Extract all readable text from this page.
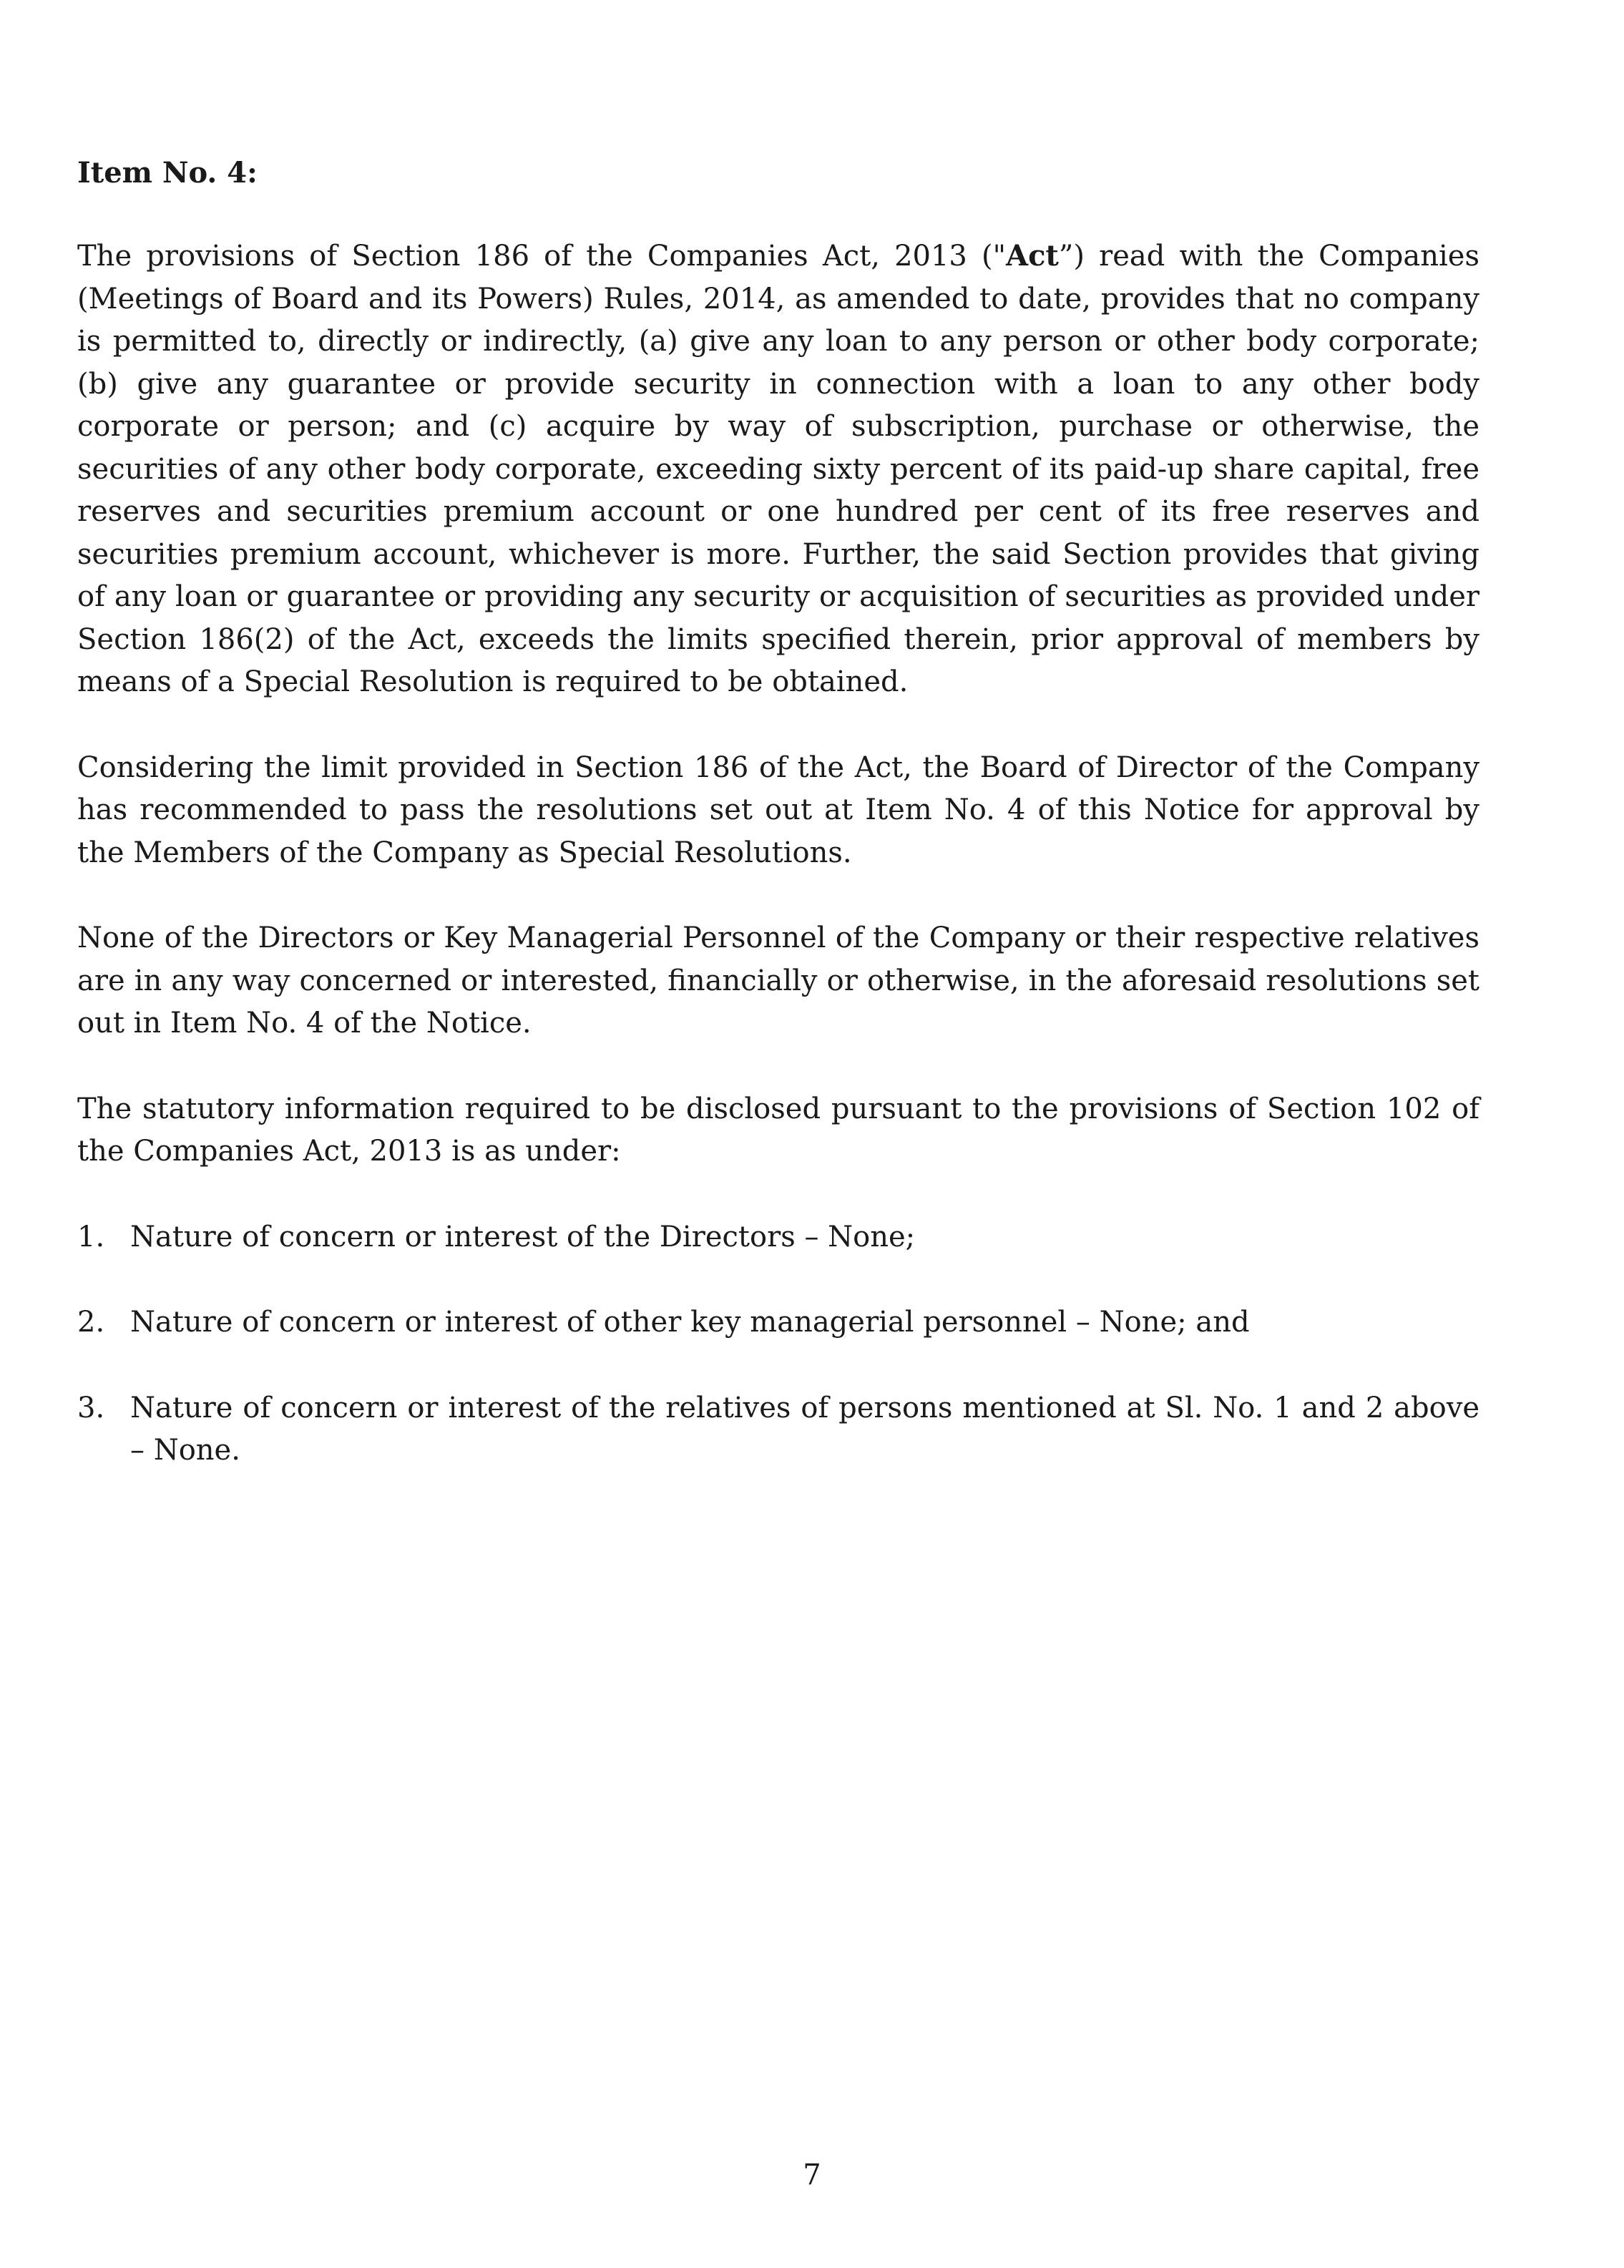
Item No. 4:

The provisions of Section 186 of the Companies Act, 2013 ("Act”) read with the Companies (Meetings of Board and its Powers) Rules, 2014, as amended to date, provides that no company is permitted to, directly or indirectly, (a) give any loan to any person or other body corporate; (b) give any guarantee or provide security in connection with a loan to any other body corporate or person; and (c) acquire by way of subscription, purchase or otherwise, the securities of any other body corporate, exceeding sixty percent of its paid-up share capital, free reserves and securities premium account or one hundred per cent of its free reserves and securities premium account, whichever is more. Further, the said Section provides that giving of any loan or guarantee or providing any security or acquisition of securities as provided under Section 186(2) of the Act, exceeds the limits specified therein, prior approval of members by means of a Special Resolution is required to be obtained.

Considering the limit provided in Section 186 of the Act, the Board of Director of the Company has recommended to pass the resolutions set out at Item No. 4 of this Notice for approval by the Members of the Company as Special Resolutions.

None of the Directors or Key Managerial Personnel of the Company or their respective relatives are in any way concerned or interested, financially or otherwise, in the aforesaid resolutions set out in Item No. 4 of the Notice.

The statutory information required to be disclosed pursuant to the provisions of Section 102 of the Companies Act, 2013 is as under:

1. Nature of concern or interest of the Directors – None;
2. Nature of concern or interest of other key managerial personnel – None; and
3. Nature of concern or interest of the relatives of persons mentioned at Sl. No. 1 and 2 above – None.
7
